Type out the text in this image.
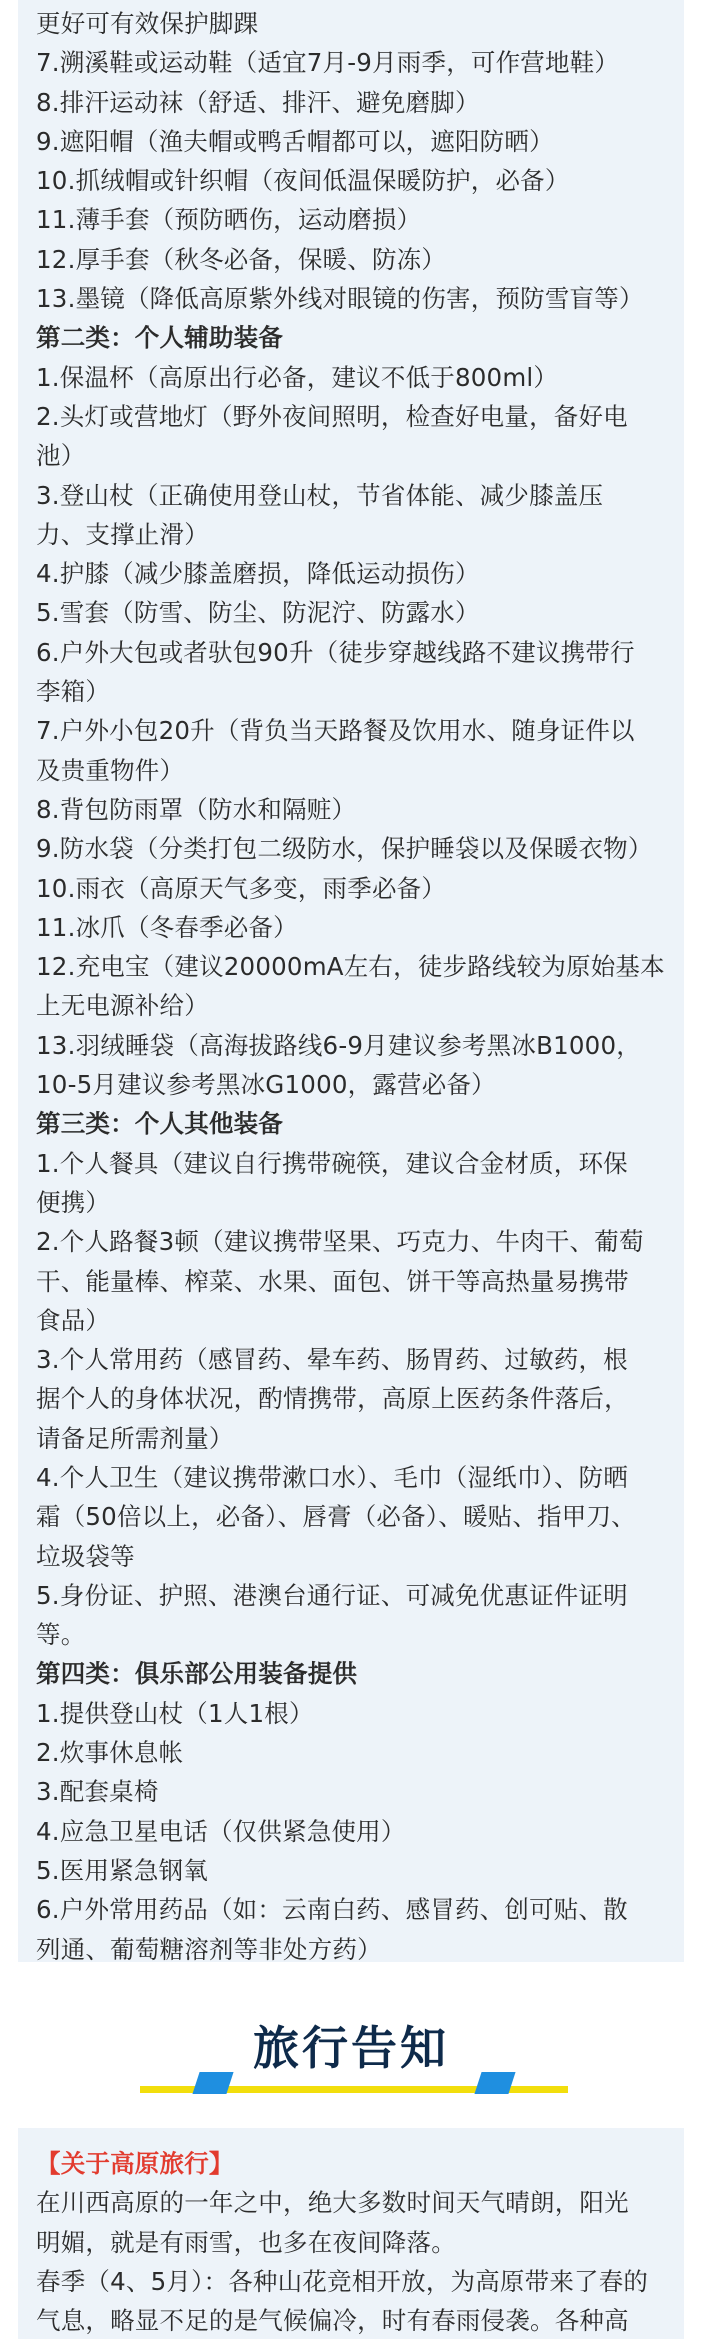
更好可有效保护脚踝
7.溯溪鞋或运动鞋（适宜7月-9月雨季，可作营地鞋）
8.排汗运动袜（舒适、排汗、避免磨脚）
9.遮阳帽（渔夫帽或鸭舌帽都可以，遮阳防晒）
10.抓绒帽或针织帽（夜间低温保暖防护，必备）
11.薄手套（预防晒伤，运动磨损）
12.厚手套（秋冬必备，保暖、防冻）
13.墨镜（降低高原紫外线对眼镜的伤害，预防雪盲等）
第二类：个人辅助装备
1.保温杯（高原出行必备，建议不低于800ml）
2.头灯或营地灯（野外夜间照明，检查好电量，备好电
池）
3.登山杖（正确使用登山杖，节省体能、减少膝盖压
力、支撑止滑）
4.护膝（减少膝盖磨损，降低运动损伤）
5.雪套（防雪、防尘、防泥泞、防露水）
6.户外大包或者驮包90升（徒步穿越线路不建议携带行
李箱）
7.户外小包20升（背负当天路餐及饮用水、随身证件以
及贵重物件）
8.背包防雨罩（防水和隔赃）
9.防水袋（分类打包二级防水，保护睡袋以及保暖衣物）
10.雨衣（高原天气多变，雨季必备）
11.冰爪（冬春季必备）
12.充电宝（建议20000mA左右，徒步路线较为原始基本
上无电源补给）
13.羽绒睡袋（高海拔路线6-9月建议参考黑冰B1000，
10-5月建议参考黑冰G1000，露营必备）
第三类：个人其他装备
1.个人餐具（建议自行携带碗筷，建议合金材质，环保
便携）
2.个人路餐3顿（建议携带坚果、巧克力、牛肉干、葡萄
干、能量棒、榨菜、水果、面包、饼干等高热量易携带
食品）
3.个人常用药（感冒药、晕车药、肠胃药、过敏药，根
据个人的身体状况，酌情携带，高原上医药条件落后，
请备足所需剂量）
4.个人卫生（建议携带漱口水）、毛巾（湿纸巾）、防晒
霜（50倍以上，必备）、唇膏（必备）、暖贴、指甲刀、
垃圾袋等
5.身份证、护照、港澳台通行证、可减免优惠证件证明
等。
第四类：俱乐部公用装备提供
1.提供登山杖（1人1根）
2.炊事休息帐
3.配套桌椅
4.应急卫星电话（仅供紧急使用）
5.医用紧急钢氧
6.户外常用药品（如：云南白药、感冒药、创可贴、散
列通、葡萄糖溶剂等非处方药）
旅行告知
【关于高原旅行】
在川西高原的一年之中，绝大多数时间天气晴朗，阳光
明媚，就是有雨雪，也多在夜间降落。
春季（4、5月）：各种山花竞相开放，为高原带来了春的
气息，略显不足的是气候偏冷，时有春雨侵袭。各种高
